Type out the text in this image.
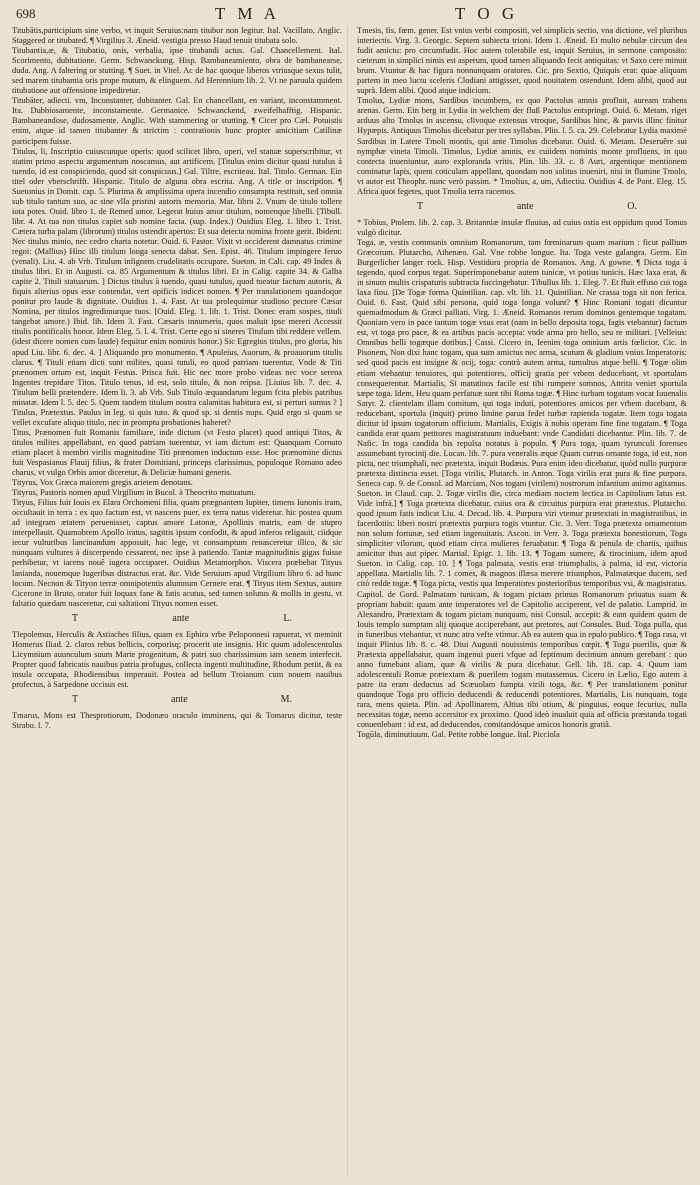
698	T M A	T O G

Titubātis,participium sine verbo, vt inquit Seruius:nam titubor non legitur. Ital. Vacillato, Anglic. Staggered or titubated. ¶ Virgilius 3. Æneid. vestigia presso Haud tenuit titubata solo.

Titubantia,æ, & Titubatio, onis, verbalia, ipse titubandi actus. Gal. Chancellement. Ital. Scorimento, dubitatione. Germ. Schwanckung. Hisp. Bambaneamiento, obra de bambanearse, duda. Ang. A faltering or stutting. ¶ Suet. in Vitel. Ac de hac quoque liberos vtriusque sexus tulit, sed marem titubantia oris prope mutum, & elinguem. Ad Herennium lib. 2. Vt ne paruula quidem titubatione aut offensione impediretur.

Titubāter, adiecti. vm, Inconstanter, dubitanter. Gal. En chancellant, en variant, inconstamment. Ita. Dubbiosamente, inconstamente. Germanice. Schwanckend, zweifelhafftig. Hispanic. Bambaneandose, dudosamente. Anglic. With stammering or stutting. ¶ Cicer pro Cæl. Potuistis enim, atque id tamen titubanter & strictim : contrationis hunc propter amicitiam Catilinæ participem fuisse.

Titulus, li, Inscriptio cuiuscunque operis: quod scilicet libro, operi, vel statuæ superscribitur, vt statim primo aspectu argumentum noscamus, aut artificem. [Titulus enim dicitur quasi tutulus à tuendo, id est conspiciendo, quod sit conspicuus.] Gal. Tiltre, escriteau. Ital. Titolo. German. Ein titel oder vberschrifft. Hispanic. Titulo de alguna obra escrita. Ang. A title or inscription. ¶ Suetonius in Domit. cap. 5. Plurima & amplissima opera incendio consumpta restituit, sed omnia sub titulo tantum suo, ac sine vlla pristini autoris memoria. Mar. libro 2. Vnum de titulo tollere iota potes. Ouid. libro 1. de Remed amor. Legerat huius amor titulum, nomenque libelli. [Tibull. libr. 4. At tua non titulus capiet sub nomine facta. (sup. Index.) Ouidius Eleg. 1. libro 1. Trist. Cætera turba palam (librorum) titulos ostendit apertos: Et sua detecta nomina fronte gerit. Ibidem: Nec titulus minio, nec cedro charta notetur. Ouid. 6. Fastor. Vixit vt occiderent damnatus crimine regni: (Mallius) Hinc illi titulum longa senecta dabat. Sen. Epist. 46. Titulum impingere feruo (venali). Liu. 4. ab Vrb. Titulum infignem crudelitatis occupare. Sueton. in Cali. cap. 49 Index & titulus libri. Et in Augusti. ca. 85 Argumentum & titulus libri. Et in Calig. capite 34. & Galba capite 2. Tituli statuarum. ] Dictus titulus à tuendo, quasi tutulus, quod tueatur factum autoris, & fiquis alterius opus esse contendat, vert opificis indicet nomen. ¶ Per translationem quandoque ponitur pro laude & dignitate. Ouidius 1. 4. Fast. At tua prolequimur studioso pectore Cæsar Nomina, per titulos ingredimurque tuos. [Ouid. Eleg. 1. lib. 1. Trist. Donec eram sospes, tituli tangebat amore.) Ibid. lib. Idem 3. Fast. Cæsaris innumeris, quos maluit ipse mereri Accessit titulis pontificalis honor. Idem Eleg. 5. l. 4. Trist. Certe ego si sineres Titulum tibi reddere vellem. (idest dicere nomen cum laude) fequitur enim nominis honor.) Sic Egregius titulus, pro gloria, his apud Liu. libr. 6. dec. 4. ] Aliquando pro monumento. ¶ Apuleius, Auorum, & proauorum titulis clarus. ¶ Tituli etiam dicti sunt milites, quasi tutuli, eo quod patriam tuerentur. Vnde & Titi prænomen ortum est, inquit Festus. Prisca fuit. Hic nec more probo videas nec voce serena Ingentes trepidare Titos. Titulo tenus, id est, solo titulo, & non reipsa. [Liuius lib. 7. dec. 4. Titulum belli prætendere. Idem li. 3. ab Vrb. Sub Titulo æquandarum legum fcita plebis patribus minatæ. Idem l. 5. dec 5. Quem tandem titulum nostra calamitas habitura est, si perturi sumus ? ] Titulus, Prætextus. Paulus in leg. si quis tuto. & quod sp. si dentis nups. Quid ergo si quum se vellet excufare aliquo titulo, nec in promptu probationes haberet?

Titus, Prænomen fuit Romanis familiare, inde dictum (vt Festo placet) quod antiqui Titos, & titulos milites appellabant, eo quod patriam tuerentur, vt iam dictum est: Quanquam Cornuto etiam placet à membri virilis magnitudine Titi prænomen inductum esse. Hoc prænomine dictus fuit Vespasianus Flauij filius, & frater Domitiani, princeps clarissimus, populoque Romano adeo charus, vt vulgo Orbis amor diceretur, & Deliciæ humani generis.

Tityrus, Vox Græca maiorem gregis arietem denotans.

Tityrus, Pastoris nomen apud Virgilium in Bucol. à Theocrito mutuatum.

Tityus, Filius fuit Iouis ex Elara Orchomeni filia, quam prægnantem Iupiter, timens Iunonis iram, occultauit in terra : ex quo factum est, vt nascens puer, ex terra natus videretur. hic postea quum ad integram ætatem peruenisset, captus amore Latonæ, Apollinis matris, eam de stupro interpellauit. Quamobrem Apollo iratus, sagittis ipsum confodit, & apud inferos religauit, ciidque iecur vulturibus lancinandum apposuit, hac lege, vt consumptum renasceretur illico, & sic nunquam vultures à discerpendo cessarent, nec ipse à patiendo. Tantæ magnitudinis gigas fuisse perhibetur, vt iacens nouê iugera occuparet. Ouidius Metamorphos. Viscera præbebat Tityus lanianda, nouemque Iugeribus distractus erat. &c. Vide Seruium apud Virgilium libro 6. ad hunc locum. Necnon & Tityon terræ omnipotentis alumnum Cernere erat. ¶ Tityus item Sextus, autore Cicerone in Bruto, orator fuit loquax fane & fatis acutus, sed tamen solutus & mollis in gestu, vt faltatio quædam nasceretur, cui saltationi Tityus nomen esset.

T	ante	L.

Tlepolemus, Herculis & Astiaches filius, quam ex Ephira vrbe Peloponnesi rapuerat, vt meminit Homerus Iliad. 2. claros rebus bellicis, corporisq; procerit ate insignis. Hic quum adolescentulus Licymnium auunculum suum Marte progenitum, & patri suo charissimum iam senem interfecit. Propter quod fabricatis nauibus patria profugus, collecta ingenti multitudine, Rhodum petiit, & ea insula occupata, Rhodiensibus imperauit. Postea ad bellum Troianum cum nouem nauibus profectus, à Sarpedone occisus est.

T	ante	M.

Tmarus, Mons est Thesprotiorum, Dodonæo oraculo imminens, qui & Tomarus dicitur, teste Strabo. l. 7.

Tmesis, fis, fœm. gener. Est vnius verbi compositi, vel simplicis sectio, vna dictione, vel pluribus interiectis. Virg. 3. Georgic. Septem subiecta trioni. Idem 1. Æneid. Et multo nebulæ circum dea fudit amictu: pro circumfudit. Hoc autem tolerabile est, inquit Seruius, in sermone composito: cæterum in simplici nimis est asperum, quod tamen aliquando fecit antiquitas: vt Saxo cere minuit brum. Vtuntur & hac figura nonnunquam oratores. Cic. pro Sextio, Quiquis erat: quae aliquam partem in meo luctu sceleris Clodiani attigisset, quod nouitatem ostendunt. Idem alibi, quod aut suprà. Idem alibi. Quod atque indicium.

Tmolus, Lydiæ mons, Sardibus incumbens, ex quo Pactolus amnis profluit, auream trahens arenas. Germ. Ein berg in Lydia in welchem der fluß Pactolus entspringt. Ouid. 6. Metam. riget arduus alto Tmolus in ascensu, clivoque extensus vtroque, Sardibus hinc, & parvis illinc finitur Hypæpis. Antiquus Timolus dicebatur per tres syllabas. Plin. l. 5. ca. 29. Celebratur Lydia maximè Sardibus in Latere Tmoli montis, qui ante Timolus dicebatur. Ouid. 6. Metam. Deseruêre sui nymphæ vineta Timoli. Timolus, Lydiæ amnis, ex cuiidem nominis monte profluens, in quo contecta inueniuntur, auro exploranda vritis. Plin. lib. 33. c. 8 Auri, argentique mentionem cominatur lapis, quem coticulam appellant, quondam non solitus inueniri, nisi in flumine Tmolo, vt autor est Theophr. nunc verò passim. * Tmolius, a, um, Adiectiu. Ouidius 4. de Pont. Eleg. 15. Africa quot fegetes, quot Tmolia terra racemos.

T	ante	O.

* Tobius, Ptolem. lib. 2. cap. 3. Britanniæ insulæ fluuius, ad cuius ostia est oppidum quod Tomus vulgò dicitur.

Toga, æ, vestis communis omnium Romanorum, tam fœminarum quam marium : ficut pallium Græcorum. Plutarcho, Athenæo. Gal. Vne robbe longue. Ita. Toga veste galangra. Germ. Ein Burgerlicher langer rock. Hisp. Vestidura propria de Romanos. Ang. A gowne. ¶ Dicta toga à tegendo, quod corpus tegat. Superimponebatur autem tunicæ, vt potius tunicis. Hæc laxa erat, & in sinum multis crispaturis subtracta fuccingebatur. Tibullus lib. 1. Eleg. 7. Et fluit effuso cui toga laxa finu. [De Togæ forma Quintilian. cap. vlt. lib. 11. Quintilian. Ne crassa toga sit non ferica. Ouid. 6. Fast. Quid sibi persona, quid toga longa volunt? ¶ Hinc Romani togati dicuntur quemadmodum & Græci palliati. Virg. 1. Æneid. Romanos rerum dominos gentemque togatam. Quoniam vero in pace tantum togæ vsus erat (nam in bello deposita toga, fagis vtebantur) factum est, vt toga pro pace, & ea artibus pacis accepta: vnde arma pro bello, seu re militari. [Velleius: Omnibus belli togæque dotibus.] Cassi. Cicero in, Ieenim toga omnium artis fœlicior. Cic. in Pisonem, Non dixi hanc togam, qua sum amictus nec arma, scutum & gladium vnius Imperatoris: sed quod pacis est insigne & ocij, toga: contrà autem arma, tumultus atque belli. ¶ Togæ olim etiam vtebantur tenuiores, qui potentiores, officij gratia per vrbem deducebant, vt sportulam consequerentur. Martialis, Si matutinos facile est tibi rumpere somnos, Attrita veniet sportula sæpe toga. Idem, Heu quam perfatuæ sunt tibi Roma togæ. ¶ Hinc turbam togatam vocat Iuuenalis Satyr. 2. clientelam illam comitum, qui toga induti, potentiores amicos per vrbem ducebant, & reducebant, sportula (inquit) primo limine parua fedet turbæ rapienda togatæ. Item toga togata dicitur id ipsum togatorum officium. Martialis, Exigis à nobis operam fine fine togatam. ¶ Toga candida erat quam petitores magistratuum induebant: vnde Candidati dicebantur. Plin. lib. 7. de Nafic. In toga candida bis repulsa notatus à populo. ¶ Pura toga, quam tyrunculi forenses assumebant tyrocinij die. Lucan. lib. 7. pura veneralis æque Quam currus ornante toga, id est, non picta, nec triumphali, nec prætexta, inquit Budæus. Pura enim ideo dicebatur, quòd nullo purpuræ prætexta distincta esset. [Toga virilis, Plutarch. in Anton. Toga virilis erat pura & fine purpura. Seneca cap. 9. de Consol. ad Marciam, Nos togam (virilem) nostrorum infantium animo agitamus. Sueton. in Claud. cap. 2. Togæ virilis die, circa mediam noctem lectica in Capitolium latus est. Vide infrà.] ¶ Toga prætexta dicebatur, cuius ora & circuitus purpura erat prætextus. Plutarcho. quod ipsum fatis indicat Liu. 4. Decad. lib. 4. Purpura viri vtemur prætextati in magistratibus, in facerdotiis: liberi nostri prætextis purpura togis vtuntur. Cic. 3. Verr. Toga prætexta ornamentum non solum fortunæ, sed etiam ingenuitatis. Ascon. in Verr. 3. Toga prætexta honestiorum, Toga simpliciter vilorum, quod etiam circa mulieres feruabatur. ¶ Toga & penula de chartis, quibus amicitur thus aut piper. Martial. Epigr. 1. lib. 13. ¶ Togam sumere, & tirocinium, idem apud Sueton. in Calig. cap. 10. ] ¶ Toga palmata, vestis erat triumphalis, à palma, id est, victoria appellata. Martialis lib. 7. 1 comes, & magnos illæsa merere triumphos, Palmatæque ducem, sed citò redde togæ. ¶ Toga picta, vestis qua Imperatores posterioribus temporibus vsi, & magistratus. Capitol. de Gord. Palmatam tunicam, & togam pictam primus Romanorum priuatus suam & propriam habuit: quum ante imperatores vel de Capitolio acciperent, vel de palatio. Lamprid. in Alexandro, Prætextam & togam pictam nunquam, nisi Consul, accepit: & eam quidem quam de Iouis templo sumptam alij quoque acciperebant, aut pretores, aut Consules. Bud. Toga pulla, qua in funeribus vtebantur, vt nunc atra vefte vtimur. Ab ea autem qua in epulo publico. ¶ Toga rasa, vt inquit Plinius lib. 8. c. 48. Diui Augusti nouissimis temporibus cœpit. ¶ Toga puerilis, quæ & Prætexta appellabatur, quam ingenui pueri vfque ad feptimum decimum annum gerebant : quo anno fumebant aliam, quæ & virilis & pura dicebatur. Gell. lib. 18. cap. 4. Quum iam adolescentuli Romæ prætextam & puerilem togam mutassemus. Cicero in Lælio, Ego autem à patre ita eram deductus ad Scæuolam fumpta virili toga, &c. ¶ Per translationem ponitur quandoque Toga pro officio deducendi & reducendi potentiores. Martialis, Lis nunquam, toga rara, mens quieta. Plin. ad Apollinarem, Altius tibi otium, & pinguius, eoque fecurius, nulla necessitas togæ, nemo accersitor ex proximo. Quod ideò inualuit quia ad officia præstanda togati conuenlebant : id est, ad deducendos, comitandósque amicos honoris gratiâ.

Togūla, diminutiuum. Gal. Petite robbe longue. Ital. Picciola
